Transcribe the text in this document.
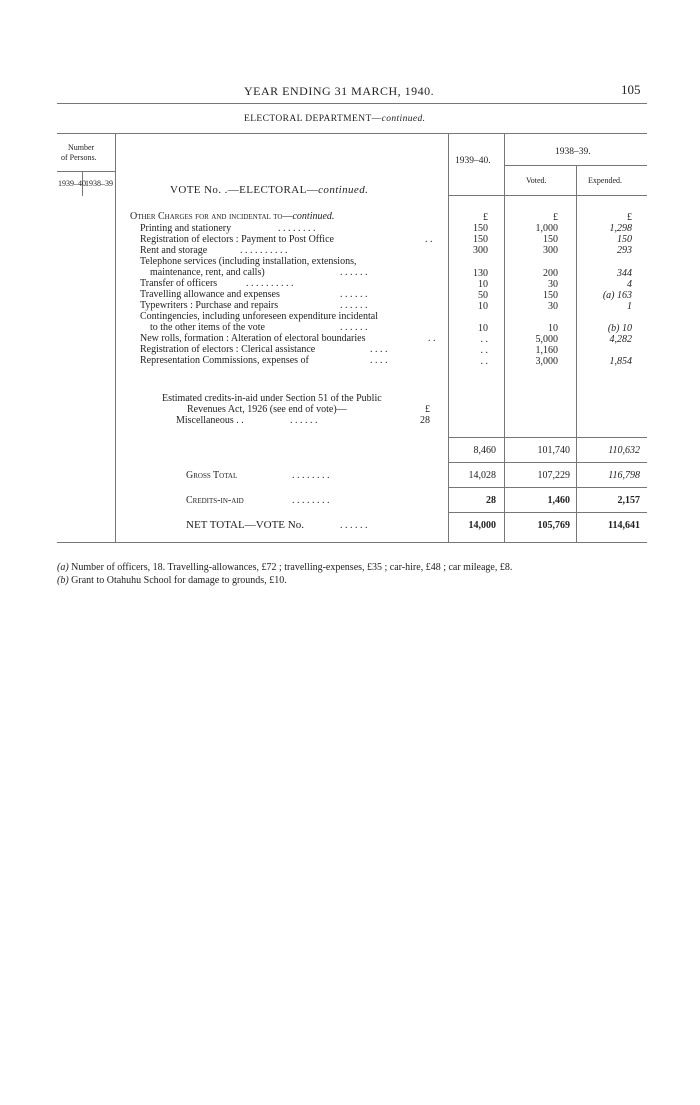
YEAR ENDING 31 MARCH, 1940.	105
ELECTORAL DEPARTMENT—continued.
Number
of Persons.
1939–40 1938–39
1939–40.
1938–39.
Voted.	Expended.
VOTE No. .—ELECTORAL—continued.
Other Charges for and incidental to—continued.	£	£	£
Printing and stationery	. . . . . . . .	150	1,000	1,298
Registration of electors : Payment to Post Office	. .	150	150	150
Rent and storage	. . . . . . . . . .	300	300	293
Telephone services (including installation, extensions,
maintenance, rent, and calls)	. . . . . .	130	200	344
Transfer of officers	. . . . . . . . . .	10	30	4
Travelling allowance and expenses	. . . . . .	50	150	(a) 163
Typewriters : Purchase and repairs	. . . . . .	10	30	1
Contingencies, including unforeseen expenditure incidental
to the other items of the vote	. . . . . .	10	10	(b) 10
New rolls, formation : Alteration of electoral boundaries	. .	. .	5,000	4,282
Registration of electors : Clerical assistance	. . . .	. .	1,160
Representation Commissions, expenses of	. . . .	. .	3,000	1,854
Estimated credits-in-aid under Section 51 of the Public
Revenues Act, 1926 (see end of vote)—	£
Miscellaneous . .	. . . . . .	28
8,460	101,740	110,632
Gross Total	. . . . . . . .	14,028	107,229	116,798
Credits-in-aid	. . . . . . . .	28	1,460	2,157
NET TOTAL—VOTE No.	. . . . . .	14,000	105,769	114,641
(a) Number of officers, 18. Travelling-allowances, £72 ; travelling-expenses, £35 ; car-hire, £48 ; car mileage, £8.
(b) Grant to Otahuhu School for damage to grounds, £10.
